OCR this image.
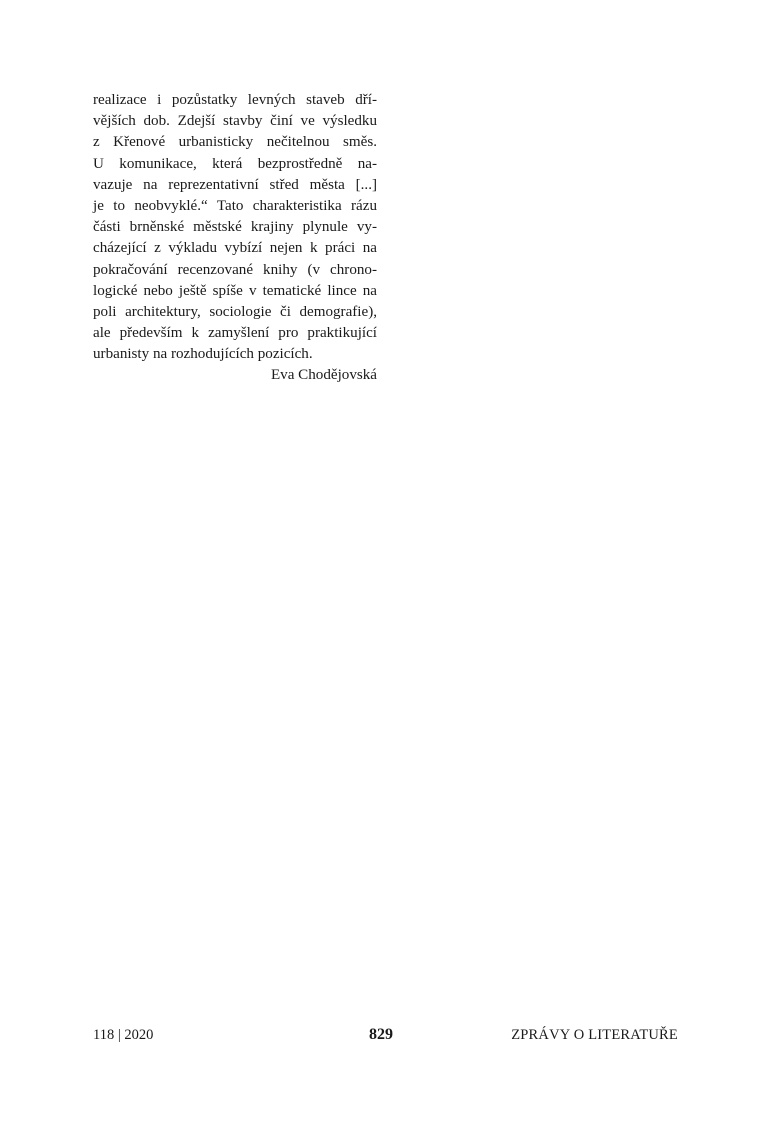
realizace i pozůstatky levných staveb dří-
vějších dob. Zdejší stavby činí ve výsledku
z Křenové urbanisticky nečitelnou směs.
U komunikace, která bezprostředně na-
vazuje na reprezentativní střed města [...]
je to neobvyklé.“ Tato charakteristika rázu
části brněnské městské krajiny plynule vy-
cházející z výkladu vybízí nejen k práci na
pokračování recenzované knihy (v chrono-
logické nebo ještě spíše v tematické lince na
poli architektury, sociologie či demografie),
ale především k zamyšlení pro praktikující
urbanisty na rozhodujících pozicích.
Eva Chodějovská
118 | 2020	829	ZPRÁVY O LITERATUŘE
